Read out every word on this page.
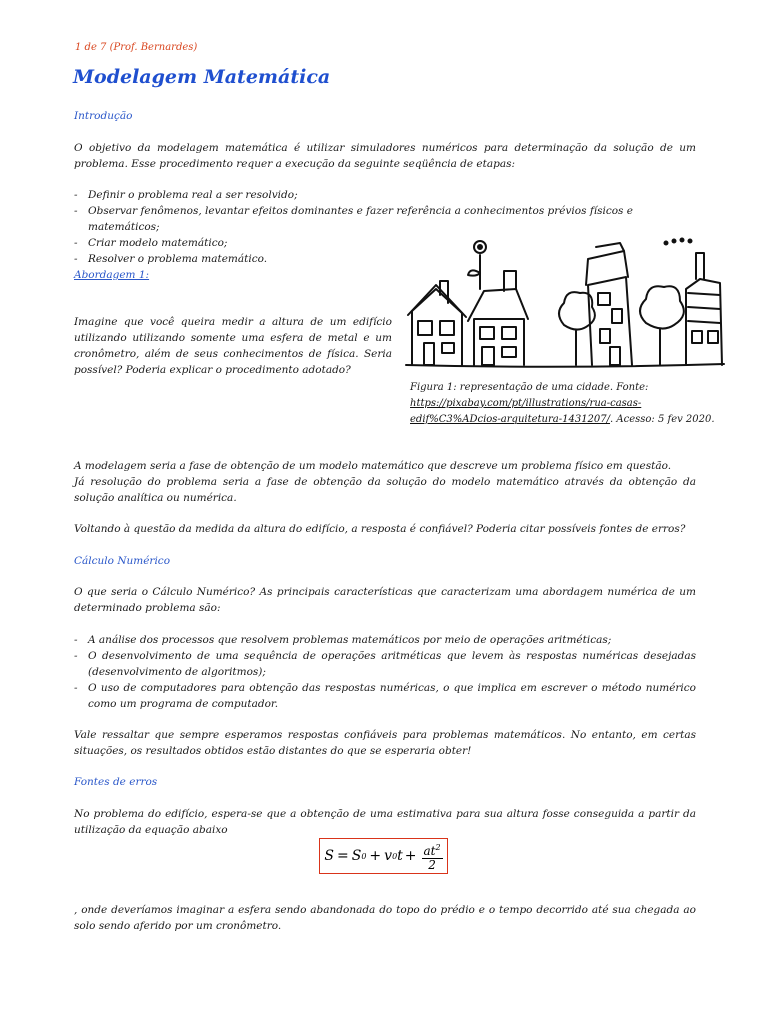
1 de 7 (Prof. Bernardes)
Modelagem Matemática
Introdução
O objetivo da modelagem matemática é utilizar simuladores numéricos para determinação da solução de um problema. Esse procedimento requer a execução da seguinte seqüência de etapas:
- Definir o problema real a ser resolvido;
- Observar fenômenos, levantar efeitos dominantes e fazer referência a conhecimentos prévios físicos e matemáticos;
- Criar modelo matemático;
- Resolver o problema matemático.
Abordagem 1:
Imagine que você queira medir a altura de um edifício utilizando utilizando somente uma esfera de metal e um cronômetro, além de seus conhecimentos de física. Seria possível? Poderia explicar o procedimento adotado?
Figura 1: representação de uma cidade. Fonte: https://pixabay.com/pt/illustrations/rua-casas-edif%C3%ADcios-arquitetura-1431207/. Acesso: 5 fev 2020.
A modelagem seria a fase de obtenção de um modelo matemático que descreve um problema físico em questão.
Já resolução do problema seria a fase de obtenção da solução do modelo matemático através da obtenção da solução analítica ou numérica.
Voltando à questão da medida da altura do edifício, a resposta é confiável? Poderia citar possíveis fontes de erros?
Cálculo Numérico
O que seria o Cálculo Numérico? As principais características que caracterizam uma abordagem numérica de um determinado problema são:
- A análise dos processos que resolvem problemas matemáticos por meio de operações aritméticas;
- O desenvolvimento de uma sequência de operações aritméticas que levem às respostas numéricas desejadas (desenvolvimento de algoritmos);
- O uso de computadores para obtenção das respostas numéricas, o que implica em escrever o método numérico como um programa de computador.
Vale ressaltar que sempre esperamos respostas confiáveis para problemas matemáticos. No entanto, em certas situações, os resultados obtidos estão distantes do que se esperaria obter!
Fontes de erros
No problema do edifício, espera-se que a obtenção de uma estimativa para sua altura fosse conseguida a partir da utilização da equação abaixo
S = S 0 + v 0 $t + \frac{at^2}{2}$
, onde deveríamos imaginar a esfera sendo abandonada do topo do prédio e o tempo decorrido até sua chegada ao solo sendo aferido por um cronômetro.
